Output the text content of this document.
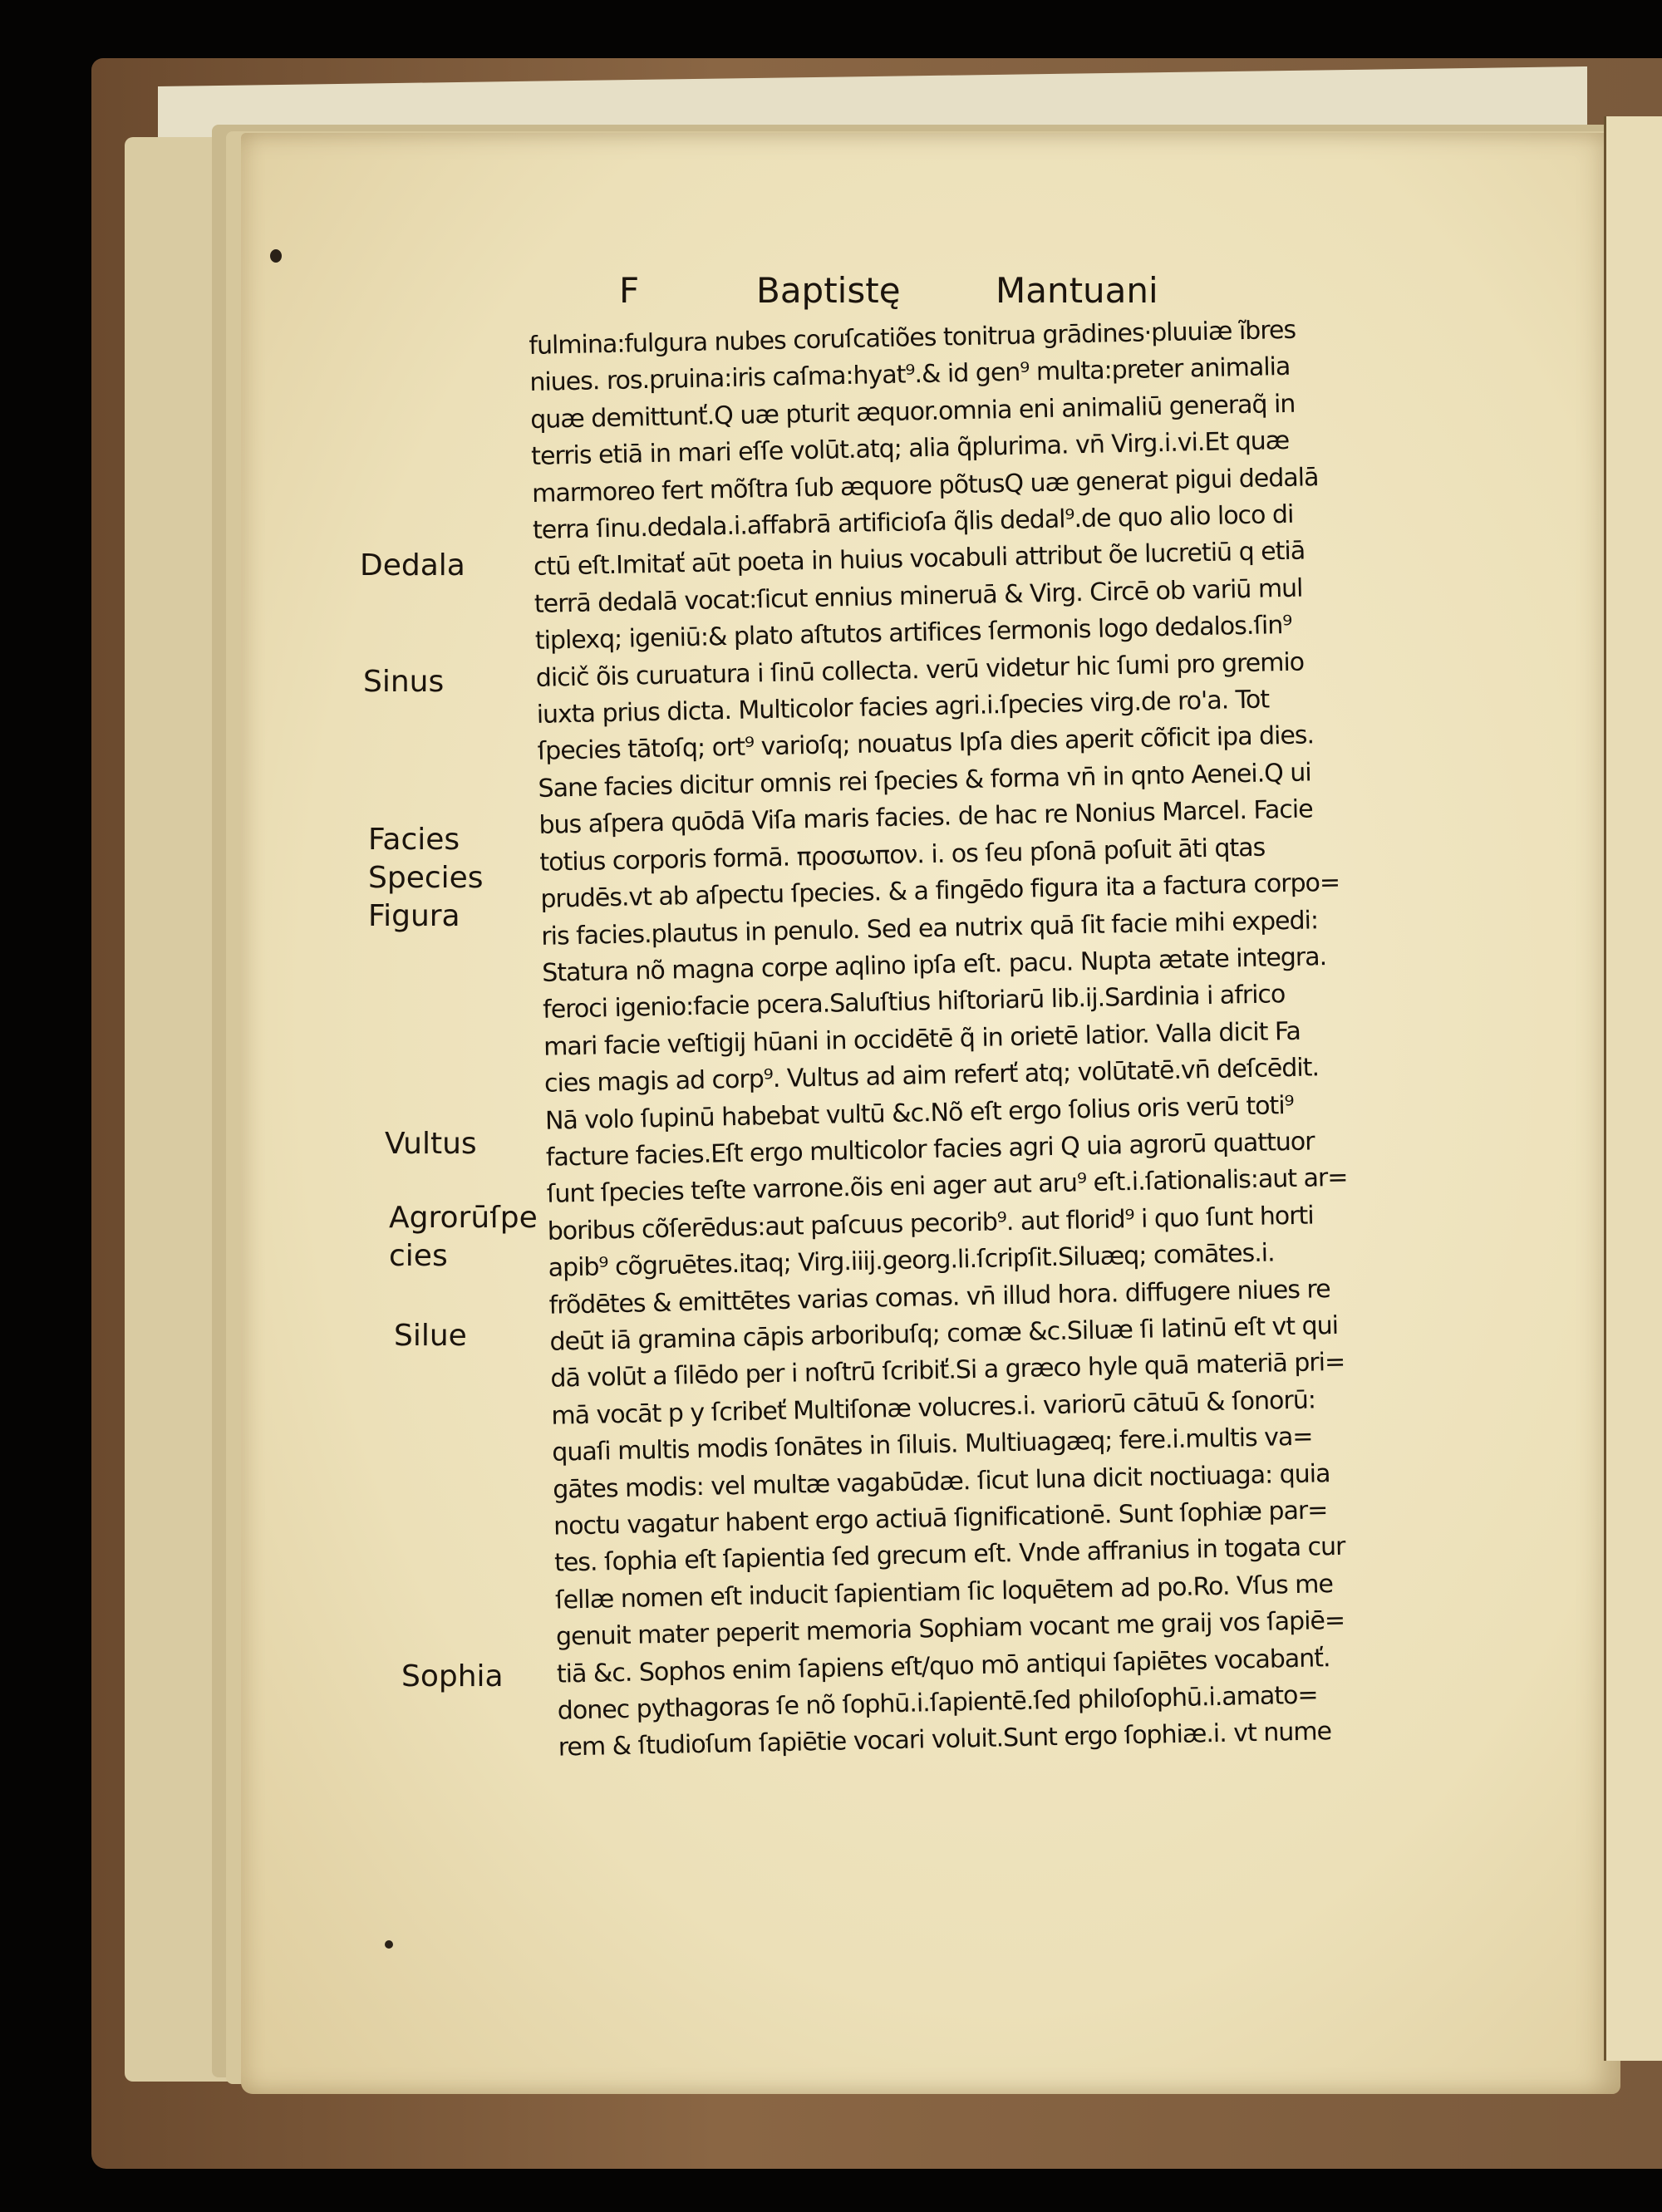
F	Baptistę	Mantuani
Dedala
Sinus
Facies
Species
Figura
Vultus
Agrorūſpe
cies
Silue
Sophia
fulmina:fulgura nubes coruſcatiões tonitrua grādines·pluuiæ ĩbres
niues. ros.pruina:iris caſma:hyat⁹.& id gen⁹ multa:preter animalia
quæ demittunť.Q uæ pturit æquor.omnia eni animaliū generaq̃ in
terris etiā in mari eſſe volūt.atq; alia q̃plurima. vn̄ Virg.i.vi.Et quæ
marmoreo fert mõſtra ſub æquore põtusQ uæ generat pigui dedalā
terra ſinu.dedala.i.affabrā artificioſa q̃lis dedal⁹.de quo alio loco di
ctū eſt.Imitať aūt poeta in huius vocabuli attribut õe lucretiū q etiā
terrā dedalā vocat:ſicut ennius mineruā & Virg. Circē ob variū mul
tiplexq; igeniū:& plato aſtutos artifices ſermonis logo dedalos.ſin⁹
dicič õis curuatura i ſinū collecta. verū videtur hic ſumi pro gremio
iuxta prius dicta. Multicolor facies agri.i.ſpecies virg.de ro'a. Tot
ſpecies tātoſq; ort⁹ varioſq; nouatus Ipſa dies aperit cõficit ipa dies.
Sane facies dicitur omnis rei ſpecies & forma vn̄ in qnto Aenei.Q ui
bus aſpera quōdā Viſa maris facies. de hac re Nonius Marcel. Facie
totius corporis formā. προσωπον. i. os ſeu pſonā poſuit āti qtas
prudēs.vt ab aſpectu ſpecies. & a fingēdo figura ita a factura corpo=
ris facies.plautus in penulo. Sed ea nutrix quā ſit facie mihi expedi:
Statura nõ magna corpe aqlino ipſa eſt. pacu. Nupta ætate integra.
feroci igenio:facie pcera.Saluſtius hiſtoriarū lib.ij.Sardinia i africo
mari facie veſtigij hūani in occidētē q̃ in orietē latior. Valla dicit Fa
cies magis ad corp⁹. Vultus ad aim referť atq; volūtatē.vn̄ deſcēdit.
Nā volo ſupinū habebat vultū &c.Nõ eſt ergo ſolius oris verū toti⁹
facture facies.Eſt ergo multicolor facies agri Q uia agrorū quattuor
ſunt ſpecies teſte varrone.õis eni ager aut aru⁹ eſt.i.ſationalis:aut ar=
boribus cõſerēdus:aut paſcuus pecorib⁹. aut florid⁹ i quo ſunt horti
apib⁹ cõgruētes.itaq; Virg.iiij.georg.li.ſcripſit.Siluæq; comātes.i.
frõdētes & emittētes varias comas. vn̄ illud hora. diffugere niues re
deūt iā gramina cāpis arboribuſq; comæ &c.Siluæ ſi latinū eſt vt qui
dā volūt a ſilēdo per i noſtrū ſcribiť.Si a græco hyle quā materiā pri=
mā vocāt p y ſcribeť Multiſonæ volucres.i. variorū cātuū & ſonorū:
quaſi multis modis ſonātes in ſiluis. Multiuagæq; fere.i.multis va=
gātes modis: vel multæ vagabūdæ. ſicut luna dicit noctiuaga: quia
noctu vagatur habent ergo actiuā ſignificationē. Sunt ſophiæ par=
tes. ſophia eſt ſapientia ſed grecum eſt. Vnde affranius in togata cur
ſellæ nomen eſt inducit ſapientiam ſic loquētem ad po.Ro. Vſus me
genuit mater peperit memoria Sophiam vocant me graij vos ſapiē=
tiā &c. Sophos enim ſapiens eſt/quo mō antiqui ſapiētes vocabanť.
donec pythagoras ſe nõ ſophū.i.ſapientē.ſed philoſophū.i.amato=
rem & ſtudioſum ſapiētie vocari voluit.Sunt ergo ſophiæ.i. vt nume
